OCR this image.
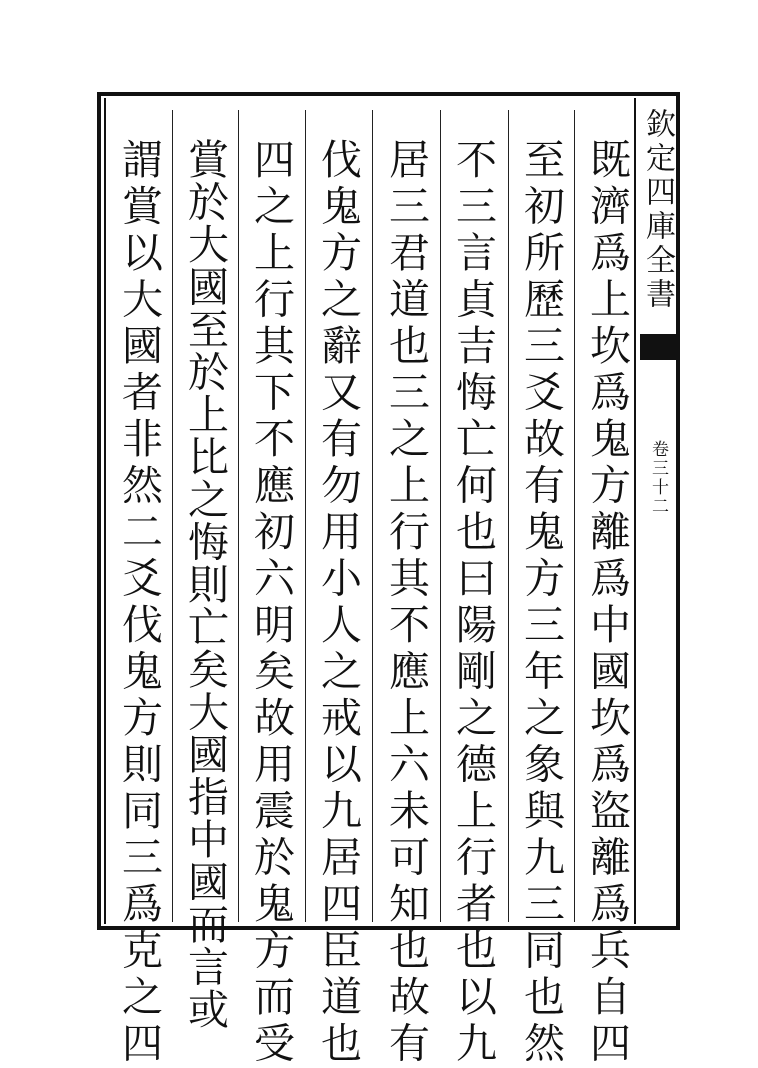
欽定四庫全書
卷三十二
既濟爲上坎爲鬼方離爲中國坎爲盜離爲兵自四
至初所歷三爻故有鬼方三年之象與九三同也然
不三言貞吉悔亡何也曰陽剛之德上行者也以九
居三君道也三之上行其不應上六未可知也故有
伐鬼方之辭又有勿用小人之戒以九居四臣道也
四之上行其下不應初六明矣故用震於鬼方而受
賞於大國至於上比之悔則亡矣大國指中國而言或
謂賞以大國者非然二爻伐鬼方則同三爲克之四
